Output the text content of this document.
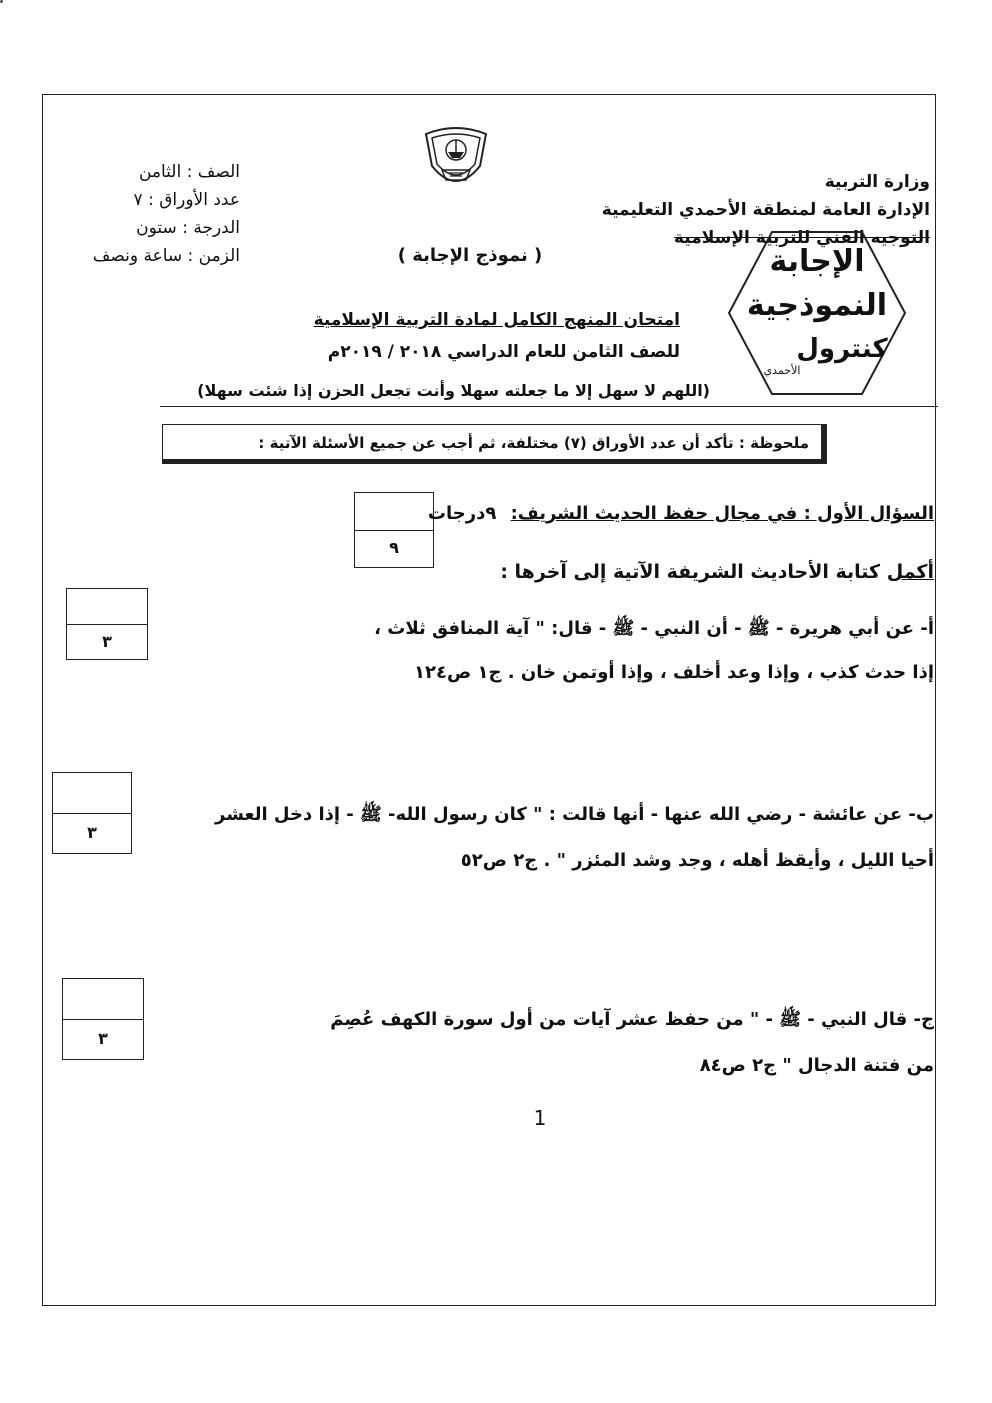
وزارة التربية
الإدارة العامة لمنطقة الأحمدي التعليمية
التوجيه الفني للتربية الإسلامية
الصف : الثامن
عدد الأوراق : ٧
الدرجة : ستون
الزمن : ساعة ونصف	( نموذج الإجابة )	الإجابة
النموذجية
كنترول
الأحمدي
امتحان المنهج الكامل لمادة التربية الإسلامية
للصف الثامن للعام الدراسي ٢٠١٨ / ٢٠١٩م
(اللهم لا سهل إلا ما جعلته سهلا وأنت تجعل الحزن إذا شئت سهلا)
ملحوظة : تأكد أن عدد الأوراق (٧) مختلفة، ثم أجب عن جميع الأسئلة الآتية :
السؤال الأول : في مجال حفظ الحديث الشريف: ٩درجات
٩
أكمل كتابة الأحاديث الشريفة الآتية إلى آخرها :
أ- عن أبي هريرة - ﷺ - أن النبي - ﷺ - قال: " آية المنافق ثلاث ،
إذا حدث كذب ، وإذا وعد أخلف ، وإذا أوتمن خان . ج١ ص١٢٤
٣
ب- عن عائشة - رضي الله عنها - أنها قالت : " كان رسول الله- ﷺ - إذا دخل العشر
أحيا الليل ، وأيقظ أهله ، وجد وشد المئزر " . ج٢ ص٥٢
٣
ج- قال النبي - ﷺ - " من حفظ عشر آيات من أول سورة الكهف عُصِمَ
من فتنة الدجال " ج٢ ص٨٤
٣
1
